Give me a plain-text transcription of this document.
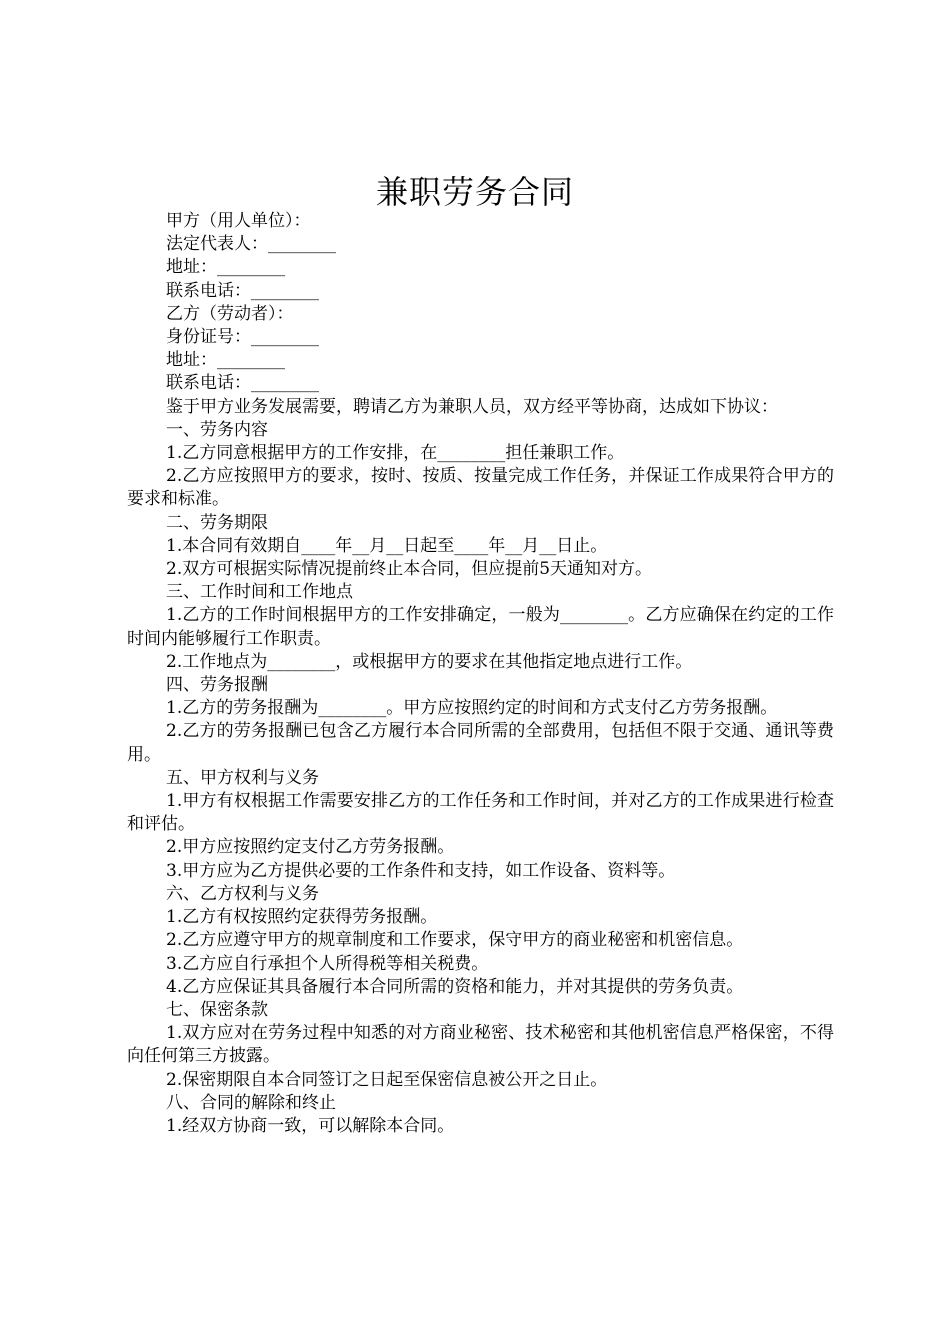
兼职劳务合同

甲方（用人单位）：

法定代表人：________

地址：________

联系电话：________

乙方（劳动者）：

身份证号：________

地址：________

联系电话：________

鉴于甲方业务发展需要，聘请乙方为兼职人员，双方经平等协商，达成如下协议：

一、劳务内容

1.乙方同意根据甲方的工作安排，在________担任兼职工作。

2.乙方应按照甲方的要求，按时、按质、按量完成工作任务，并保证工作成果符合甲方的要求和标准。

二、劳务期限

1.本合同有效期自____年__月__日起至____年__月__日止。

2.双方可根据实际情况提前终止本合同，但应提前5天通知对方。

三、工作时间和工作地点

1.乙方的工作时间根据甲方的工作安排确定，一般为________。乙方应确保在约定的工作时间内能够履行工作职责。

2.工作地点为________，或根据甲方的要求在其他指定地点进行工作。

四、劳务报酬

1.乙方的劳务报酬为________。甲方应按照约定的时间和方式支付乙方劳务报酬。

2.乙方的劳务报酬已包含乙方履行本合同所需的全部费用，包括但不限于交通、通讯等费用。

五、甲方权利与义务

1.甲方有权根据工作需要安排乙方的工作任务和工作时间，并对乙方的工作成果进行检查和评估。

2.甲方应按照约定支付乙方劳务报酬。

3.甲方应为乙方提供必要的工作条件和支持，如工作设备、资料等。

六、乙方权利与义务

1.乙方有权按照约定获得劳务报酬。

2.乙方应遵守甲方的规章制度和工作要求，保守甲方的商业秘密和机密信息。

3.乙方应自行承担个人所得税等相关税费。

4.乙方应保证其具备履行本合同所需的资格和能力，并对其提供的劳务负责。

七、保密条款

1.双方应对在劳务过程中知悉的对方商业秘密、技术秘密和其他机密信息严格保密，不得向任何第三方披露。

2.保密期限自本合同签订之日起至保密信息被公开之日止。

八、合同的解除和终止

1.经双方协商一致，可以解除本合同。
